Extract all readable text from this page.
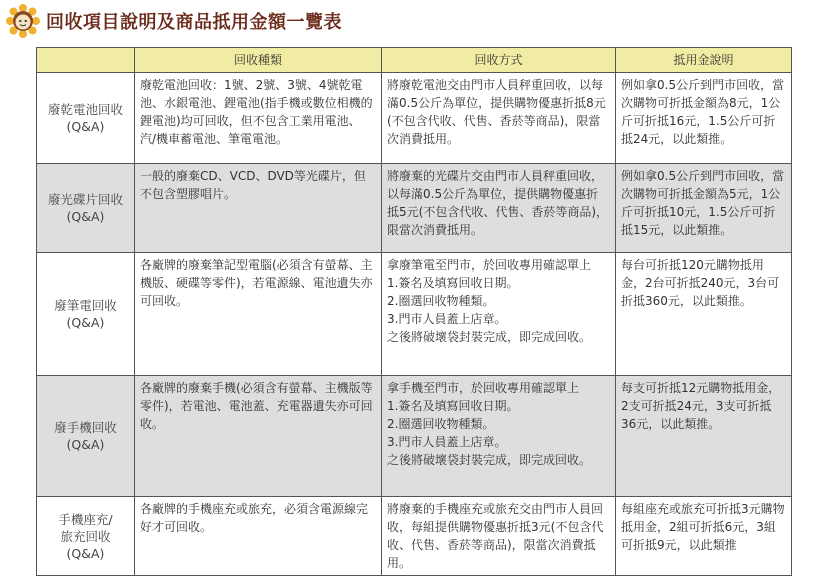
回收項目說明及商品抵用金額一覽表
	回收種類	回收方式	抵用金說明
廢乾電池回收
(Q&A)	廢乾電池回收：1號、2號、3號、4號乾電池、水銀電池、鋰電池(指手機或數位相機的鋰電池)均可回收，但不包含工業用電池、汽/機車蓄電池、筆電電池。	將廢乾電池交由門市人員秤重回收，以每滿0.5公斤為單位，提供購物優惠折抵8元(不包含代收、代售、香菸等商品)，限當次消費抵用。	例如拿0.5公斤到門市回收，當次購物可折抵金額為8元，1公斤可折抵16元，1.5公斤可折抵24元，以此類推。
廢光碟片回收
(Q&A)	一般的廢棄CD、VCD、DVD等光碟片，但不包含塑膠唱片。	將廢棄的光碟片交由門市人員秤重回收，以每滿0.5公斤為單位，提供購物優惠折抵5元(不包含代收、代售、香菸等商品)，限當次消費抵用。	例如拿0.5公斤到門市回收，當次購物可折抵金額為5元，1公斤可折抵10元，1.5公斤可折抵15元，以此類推。
廢筆電回收
(Q&A)	各廠牌的廢棄筆記型電腦(必須含有螢幕、主機版、硬碟等零件)，若電源線、電池遺失亦可回收。	拿廢筆電至門市，於回收專用確認單上
1.簽名及填寫回收日期。
2.圈選回收物種類。
3.門市人員蓋上店章。
之後將破壞袋封裝完成，即完成回收。	每台可折抵120元購物抵用金，2台可折抵240元，3台可折抵360元，以此類推。
廢手機回收
(Q&A)	各廠牌的廢棄手機(必須含有螢幕、主機版等零件)，若電池、電池蓋、充電器遺失亦可回收。	拿手機至門市，於回收專用確認單上
1.簽名及填寫回收日期。
2.圈選回收物種類。
3.門市人員蓋上店章。
之後將破壞袋封裝完成，即完成回收。	每支可折抵12元購物抵用金，2支可折抵24元，3支可折抵36元，以此類推。
手機座充/
旅充回收
(Q&A)	各廠牌的手機座充或旅充，必須含電源線完好才可回收。	將廢棄的手機座充或旅充交由門市人員回收，每組提供購物優惠折抵3元(不包含代收、代售、香菸等商品)，限當次消費抵用。	每組座充或旅充可折抵3元購物抵用金，2組可折抵6元，3組可折抵9元，以此類推
